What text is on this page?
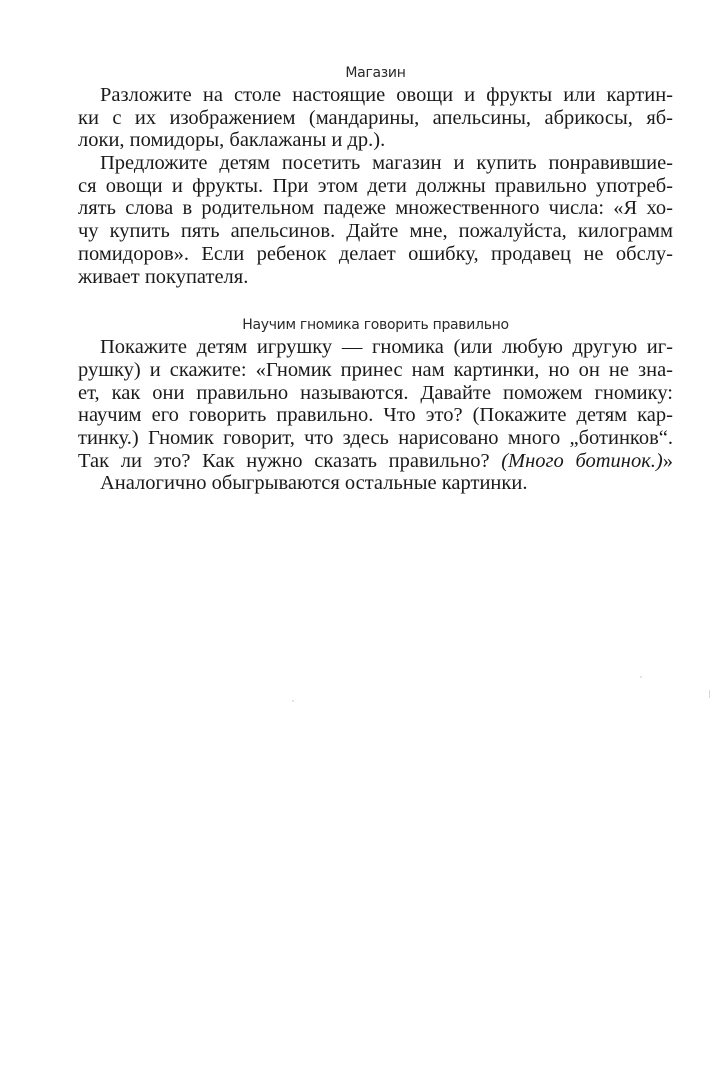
Магазин
Разложите на столе настоящие овощи и фрукты или картин-
ки с их изображением (мандарины, апельсины, абрикосы, яб-
локи, помидоры, баклажаны и др.).
Предложите детям посетить магазин и купить понравившие-
ся овощи и фрукты. При этом дети должны правильно употреб-
лять слова в родительном падеже множественного числа: «Я хо-
чу купить пять апельсинов. Дайте мне, пожалуйста, килограмм
помидоров». Если ребенок делает ошибку, продавец не обслу-
живает покупателя.
Научим гномика говорить правильно
Покажите детям игрушку — гномика (или любую другую иг-
рушку) и скажите: «Гномик принес нам картинки, но он не зна-
ет, как они правильно называются. Давайте поможем гномику:
научим его говорить правильно. Что это? (Покажите детям кар-
тинку.) Гномик говорит, что здесь нарисовано много „ботинков“.
Так ли это? Как нужно сказать правильно? (Много ботинок.)»
Аналогично обыгрываются остальные картинки.
